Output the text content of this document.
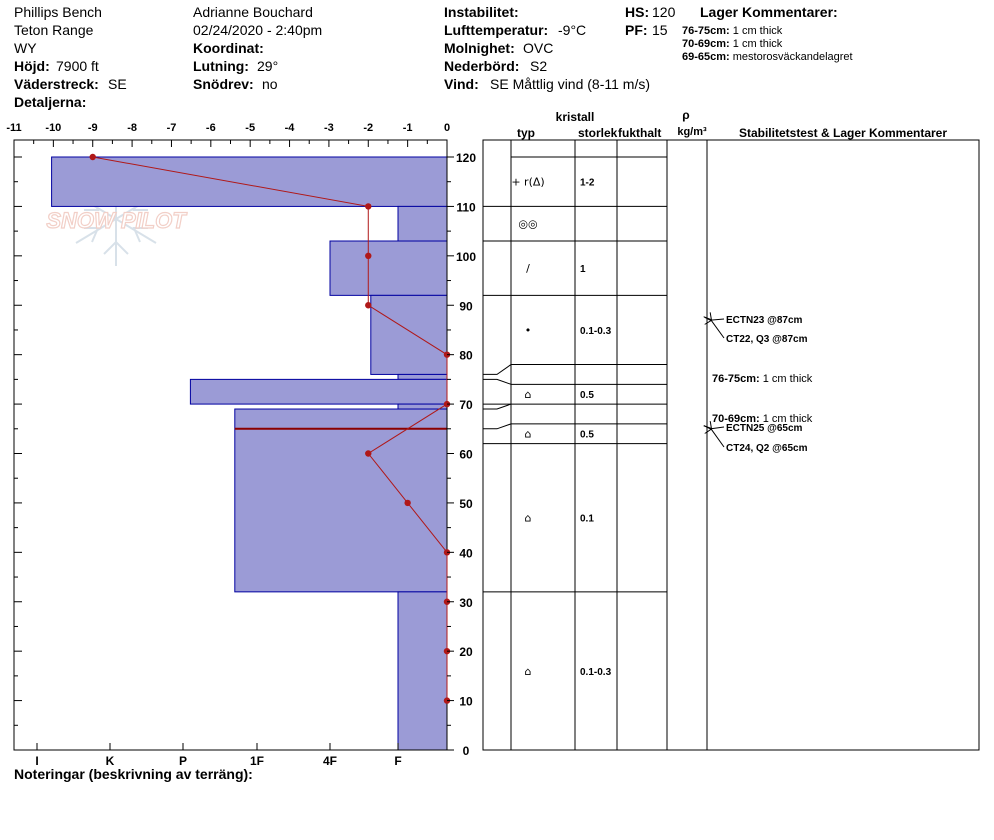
Phillips Bench
Teton Range
WY
Höjd: 7900 ft
Väderstreck: SE
Detaljerna:
Adrianne Bouchard
02/24/2020 - 2:40pm
Koordinat:
Lutning: 29°
Snödrev: no
Instabilitet:
Lufttemperatur: -9°C
Molnighet: OVC
Nederbörd: S2
Vind: SE Måttlig vind (8-11 m/s)
HS: 120
PF: 15
Lager Kommentarer:
76-75cm: 1 cm thick
70-69cm: 1 cm thick
69-65cm: mestorosväckandelagret
SNOW PILOT
-11 -10 -9	-8	-7	-6	-5	-4	-3	-2	-1	0
0
10
20
30
40
50
60
70
80
90
100
110
120
I	K	P	1F	4F	F
+ r(Δ)	1-2
◎◎
/	1
•	0.1-0.3
⌂	0.5
⌂	0.5
⌂	0.1
⌂	0.1-0.3
ECTN23 @87cm
CT22, Q3 @87cm
ECTN25 @65cm
CT24, Q2 @65cm
76-75cm: 1 cm thick
70-69cm: 1 cm thick
kristall
typ	storlek fukthalt
ρ
kg/m³	Stabilitetstest & Lager Kommentarer
Noteringar (beskrivning av terräng):
